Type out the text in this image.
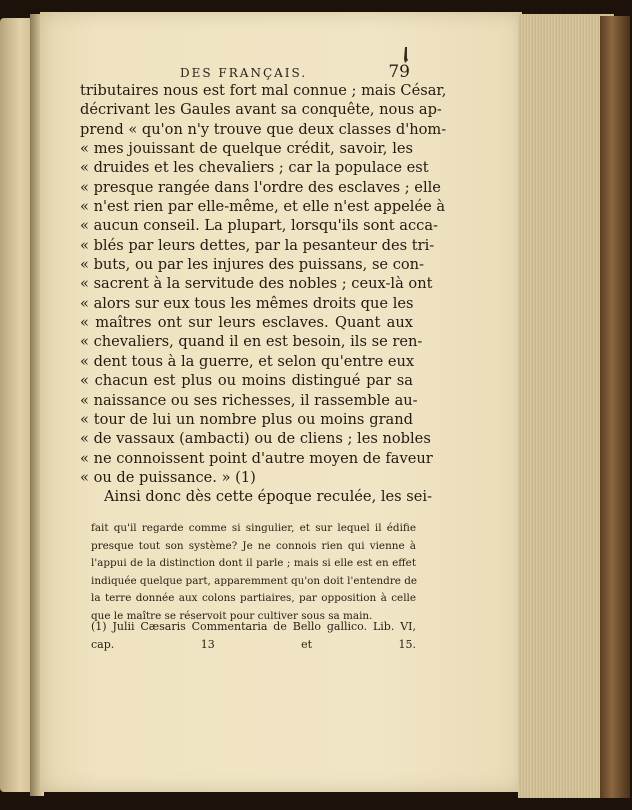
DES FRANÇAIS.	79
tributaires nous est fort mal connue ; mais César,
décrivant les Gaules avant sa conquête, nous ap-
prend « qu'on n'y trouve que deux classes d'hom-
« mes jouissant de quelque crédit, savoir, les
« druides et les chevaliers ; car la populace est
« presque rangée dans l'ordre des esclaves ; elle
« n'est rien par elle-même, et elle n'est appelée à
« aucun conseil. La plupart, lorsqu'ils sont acca-
« blés par leurs dettes, par la pesanteur des tri-
« buts, ou par les injures des puissans, se con-
« sacrent à la servitude des nobles ; ceux-là ont
« alors sur eux tous les mêmes droits que les
« maîtres ont sur leurs esclaves. Quant aux
« chevaliers, quand il en est besoin, ils se ren-
« dent tous à la guerre, et selon qu'entre eux
« chacun est plus ou moins distingué par sa
« naissance ou ses richesses, il rassemble au-
« tour de lui un nombre plus ou moins grand
« de vassaux (ambacti) ou de cliens ; les nobles
« ne connoissent point d'autre moyen de faveur
« ou de puissance. » (1)
Ainsi donc dès cette époque reculée, les sei-
fait qu'il regarde comme si singulier, et sur lequel il édifie
presque tout son système? Je ne connois rien qui vienne à
l'appui de la distinction dont il parle ; mais si elle est en effet
indiquée quelque part, apparemment qu'on doit l'entendre de
la terre donnée aux colons partiaires, par opposition à celle
que le maître se réservoit pour cultiver sous sa main.
(1) Julii Cæsaris Commentaria de Bello gallico. Lib. VI,
cap. 13 et 15.
